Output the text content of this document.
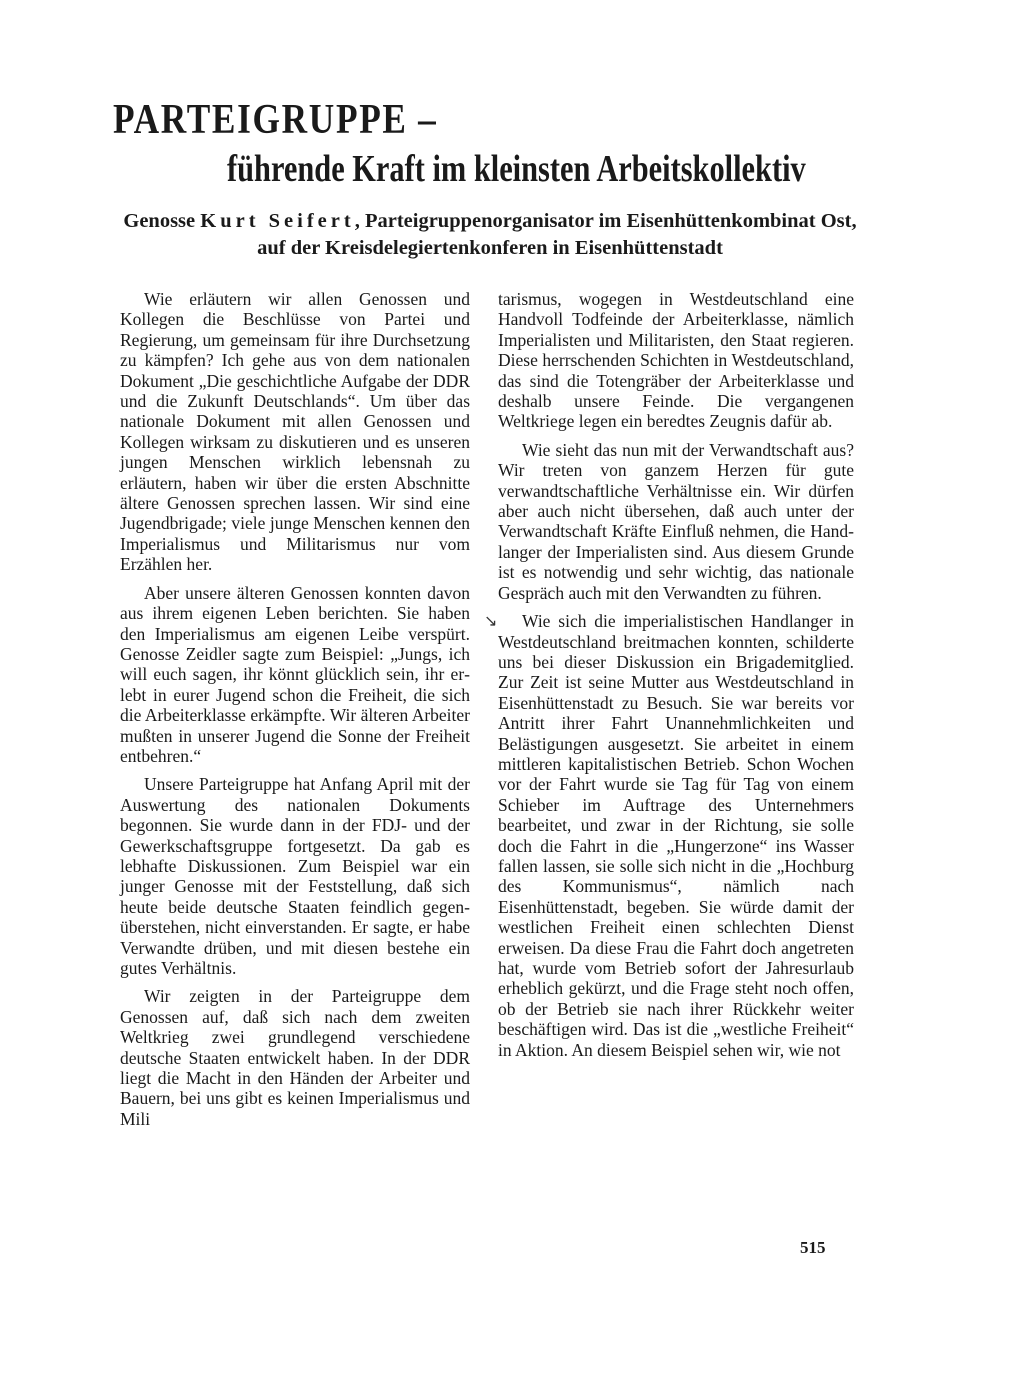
PARTEIGRUPPE –
führende Kraft im kleinsten Arbeitskollektiv

Genosse Kurt Seifert, Parteigruppenorganisator im Eisenhüttenkombinat Ost, auf der Kreisdelegiertenkonferen in Eisenhüttenstadt

Wie erläutern wir allen Genossen und Kollegen die Beschlüsse von Partei und Regierung, um gemeinsam für ihre Durchsetzung zu kämpfen? Ich gehe aus von dem nationalen Dokument „Die geschichtliche Aufgabe der DDR und die Zukunft Deutschlands“. Um über das nationale Dokument mit allen Genossen und Kollegen wirksam zu diskutieren und es unseren jungen Menschen wirklich lebensnah zu erläutern, haben wir über die ersten Abschnitte ältere Genossen sprechen lassen. Wir sind eine Jugendbrigade; viele junge Menschen kennen den Imperialismus und Militarismus nur vom Erzählen her.

Aber unsere älteren Genossen konnten davon aus ihrem eigenen Leben berichten. Sie haben den Imperialismus am eigenen Leibe verspürt. Genosse Zeidler sagte zum Beispiel: „Jungs, ich will euch sagen, ihr könnt glücklich sein, ihr erlebt in eurer Jugend schon die Freiheit, die sich die Arbeiterklasse erkämpfte. Wir älteren Arbeiter mußten in unserer Jugend die Sonne der Freiheit entbehren.“

Unsere Parteigruppe hat Anfang April mit der Auswertung des nationalen Dokuments begonnen. Sie wurde dann in der FDJ- und der Gewerkschaftsgruppe fortgesetzt. Da gab es lebhafte Diskussionen. Zum Beispiel war ein junger Genosse mit der Feststellung, daß sich heute beide deutsche Staaten feindlich gegenüberstehen, nicht einverstanden. Er sagte, er habe Verwandte drüben, und mit diesen bestehe ein gutes Verhältnis.

Wir zeigten in der Parteigruppe dem Genossen auf, daß sich nach dem zweiten Weltkrieg zwei grundlegend verschiedene deutsche Staaten entwickelt haben. In der DDR liegt die Macht in den Händen der Arbeiter und Bauern, bei uns gibt es keinen Imperialismus und Mili

tarismus, wogegen in Westdeutschland eine Handvoll Todfeinde der Arbeiterklasse, nämlich Imperialisten und Militaristen, den Staat regieren. Diese herrschenden Schichten in Westdeutschland, das sind die Totengräber der Arbeiterklasse und deshalb unsere Feinde. Die vergangenen Weltkriege legen ein beredtes Zeugnis dafür ab.

Wie sieht das nun mit der Verwandtschaft aus? Wir treten von ganzem Herzen für gute verwandtschaftliche Verhältnisse ein. Wir dürfen aber auch nicht übersehen, daß auch unter der Verwandtschaft Kräfte Einfluß nehmen, die Handlanger der Imperialisten sind. Aus diesem Grunde ist es notwendig und sehr wichtig, das nationale Gespräch auch mit den Verwandten zu führen.

Wie sich die imperialistischen Handlanger in Westdeutschland breitmachen konnten, schilderte uns bei dieser Diskussion ein Brigademitglied. Zur Zeit ist seine Mutter aus Westdeutschland in Eisenhüttenstadt zu Besuch. Sie war bereits vor Antritt ihrer Fahrt Unannehmlichkeiten und Belästigungen ausgesetzt. Sie arbeitet in einem mittleren kapitalistischen Betrieb. Schon Wochen vor der Fahrt wurde sie Tag für Tag von einem Schieber im Auftrage des Unternehmers bearbeitet, und zwar in der Richtung, sie solle doch die Fahrt in die „Hungerzone“ ins Wasser fallen lassen, sie solle sich nicht in die „Hochburg des Kommunismus“, nämlich nach Eisenhüttenstadt, begeben. Sie würde damit der westlichen Freiheit einen schlechten Dienst erweisen. Da diese Frau die Fahrt doch angetreten hat, wurde vom Betrieb sofort der Jahresurlaub erheblich gekürzt, und die Frage steht noch offen, ob der Betrieb sie nach ihrer Rückkehr weiter beschäftigen wird. Das ist die „westliche Freiheit“ in Aktion. An diesem Beispiel sehen wir, wie not

↘
515
